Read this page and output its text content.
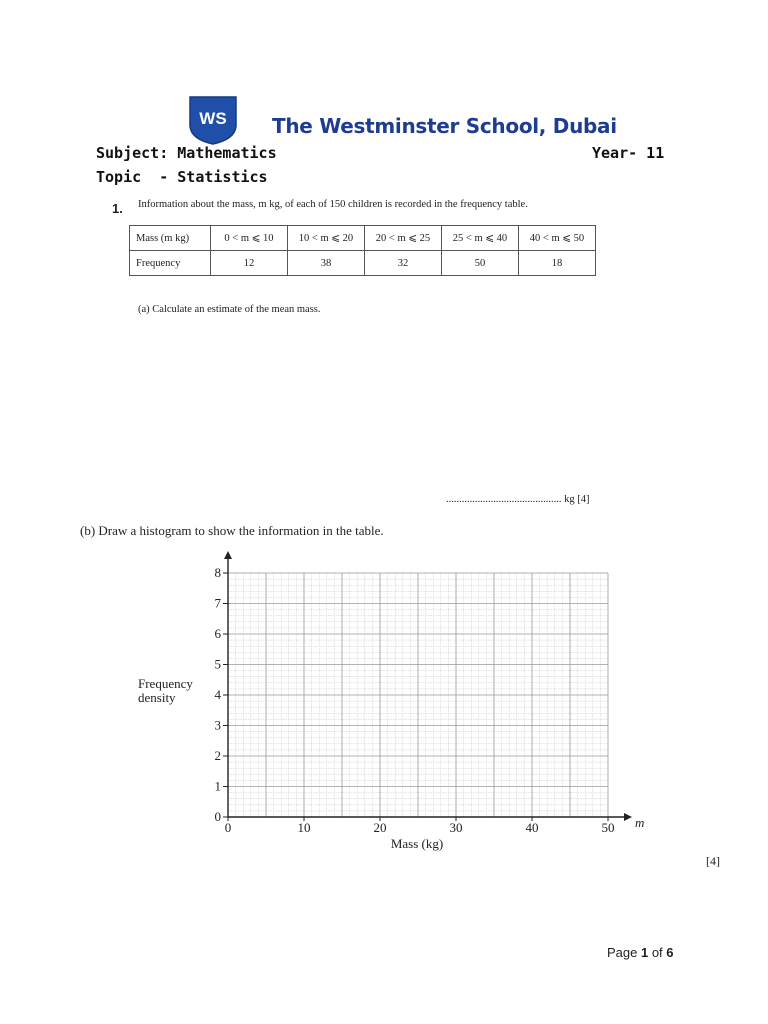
WS The Westminster School, Dubai
Subject: Mathematics	Year- 11
Topic  - Statistics
1. Information about the mass, m kg, of each of 150 children is recorded in the frequency table.
Mass (m kg)	0 < m ⩽ 10	10 < m ⩽ 20	20 < m ⩽ 25	25 < m ⩽ 40	40 < m ⩽ 50
Frequency	12	38	32	50	18
(a) Calculate an estimate of the mean mass.
............................................ kg [4]
(b) Draw a histogram to show the information in the table.
0	10	20	30	40	50
0
1
2
3
4
5
6
7
8
Frequency
density
Mass (kg)
m
[4]
Page 1 of 6
